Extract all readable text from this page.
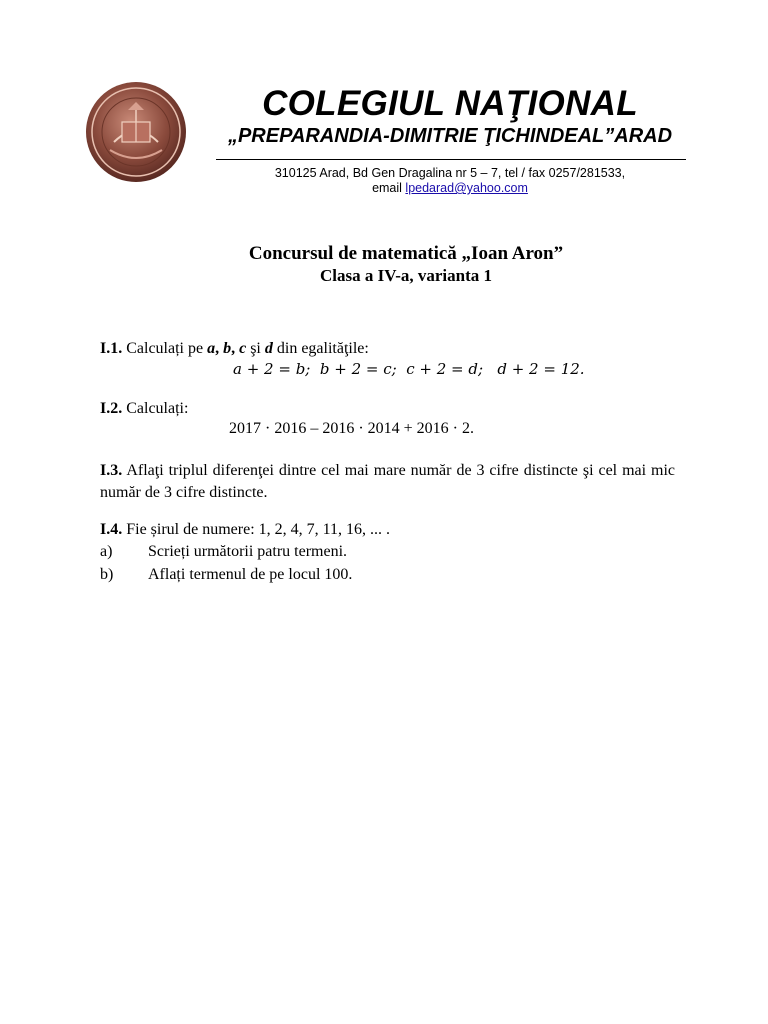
COLEGIUL NAŢIONAL
„PREPARANDIA-DIMITRIE ŢICHINDEAL”ARAD
310125 Arad, Bd Gen Dragalina nr 5 – 7, tel / fax 0257/281533,
email lpedarad@yahoo.com
Concursul de matematică „Ioan Aron”
Clasa a IV-a, varianta 1
I.1. Calculați pe a, b, c şi d din egalităţile:
a + 2 = b;  b + 2 = c;  c + 2 = d;   d + 2 = 12.
I.2. Calculați:
2017 · 2016 – 2016 · 2014 + 2016 · 2.
I.3. Aflaţi triplul diferenţei dintre cel mai mare număr de 3 cifre distincte şi cel mai mic număr de 3 cifre distincte.
I.4. Fie șirul de numere: 1, 2, 4, 7, 11, 16, ... .
a) Scrieți următorii patru termeni.
b) Aflați termenul de pe locul 100.
